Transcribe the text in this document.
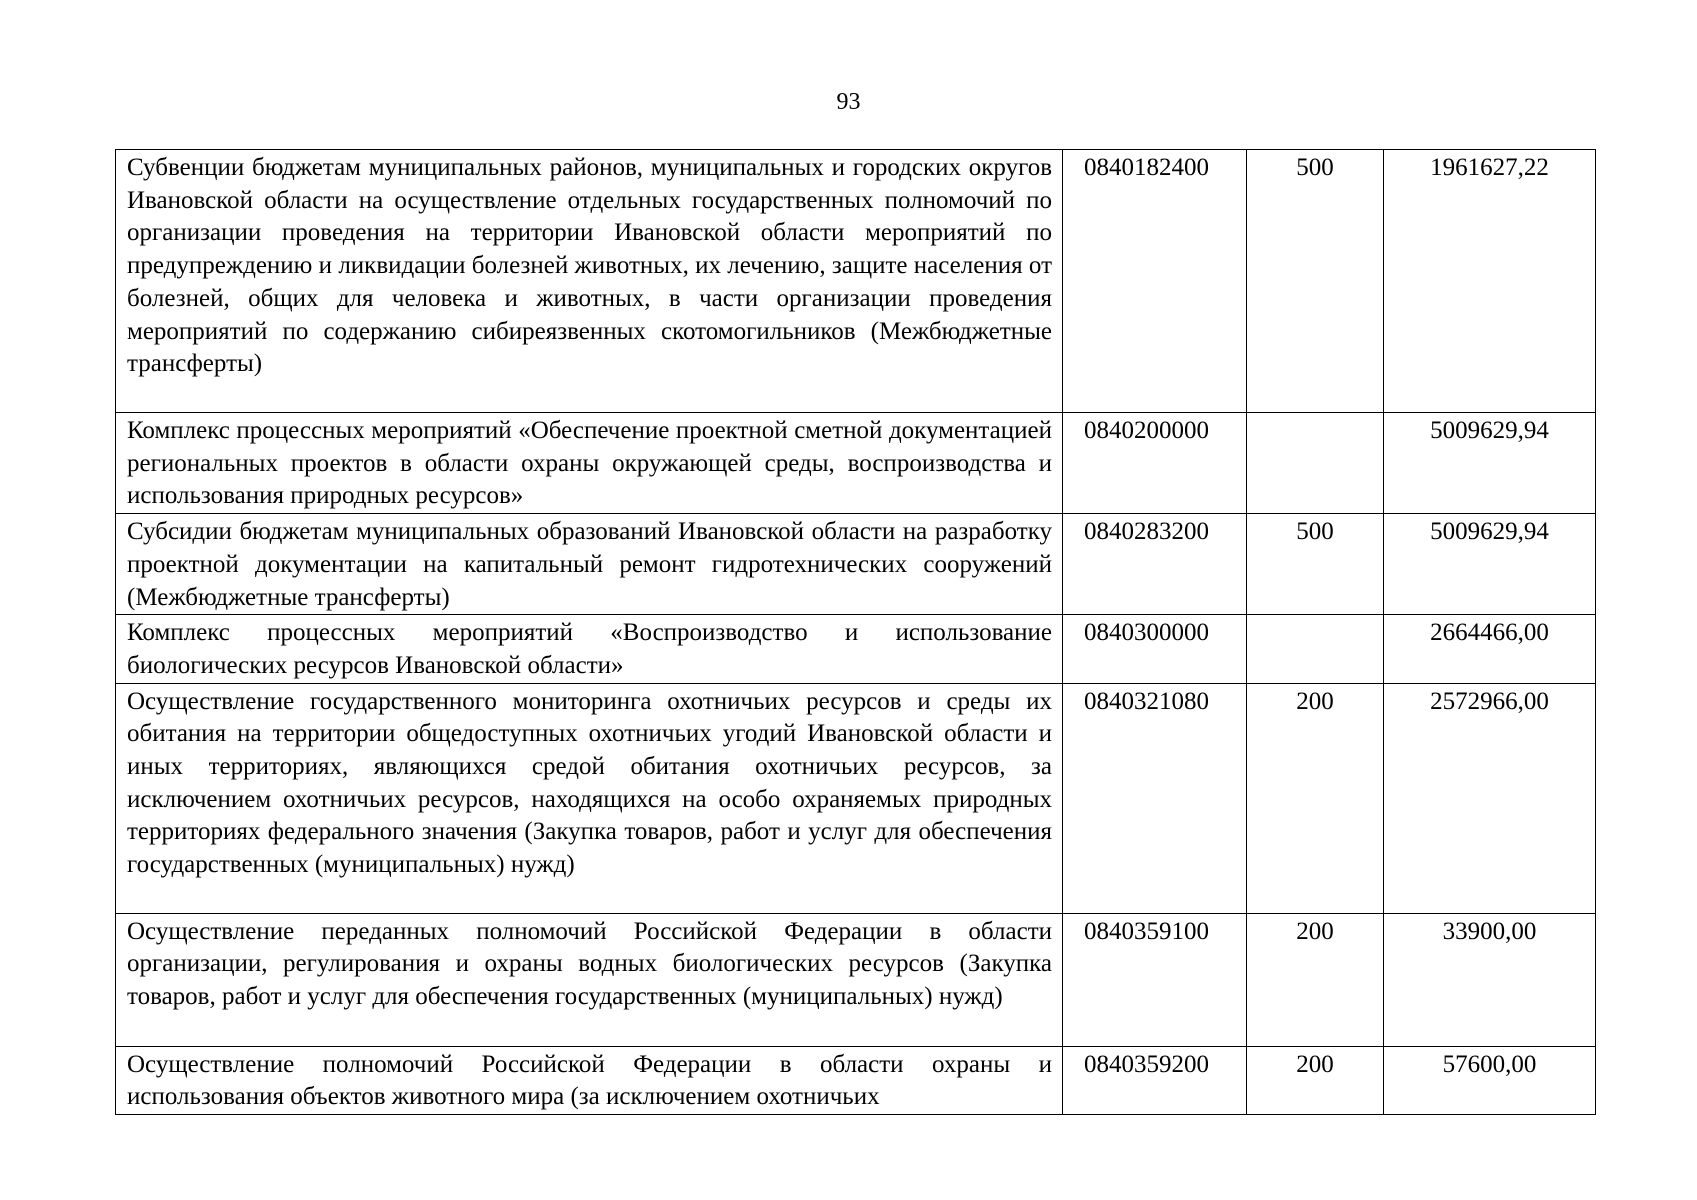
93
Субвенции бюджетам муниципальных районов, муниципальных и городских округов Ивановской области на осуществление отдельных государственных полномочий по организации проведения на территории Ивановской области мероприятий по предупреждению и ликвидации болезней животных, их лечению, защите населения от болезней, общих для человека и животных, в части организации проведения мероприятий по содержанию сибиреязвенных скотомогильников (Межбюджетные трансферты)	0840182400	500	1961627,22
Комплекс процессных мероприятий «Обеспечение проектной сметной документацией региональных проектов в области охраны окружающей среды, воспроизводства и использования природных ресурсов»	0840200000		5009629,94
Субсидии бюджетам муниципальных образований Ивановской области на разработку проектной документации на капитальный ремонт гидротехнических сооружений (Межбюджетные трансферты)	0840283200	500	5009629,94
Комплекс процессных мероприятий «Воспроизводство и использование биологических ресурсов Ивановской области»	0840300000		2664466,00
Осуществление государственного мониторинга охотничьих ресурсов и среды их обитания на территории общедоступных охотничьих угодий Ивановской области и иных территориях, являющихся средой обитания охотничьих ресурсов, за исключением охотничьих ресурсов, находящихся на особо охраняемых природных территориях федерального значения (Закупка товаров, работ и услуг для обеспечения государственных (муниципальных) нужд)	0840321080	200	2572966,00
Осуществление переданных полномочий Российской Федерации в области организации, регулирования и охраны водных биологических ресурсов (Закупка товаров, работ и услуг для обеспечения государственных (муниципальных) нужд)	0840359100	200	33900,00
Осуществление полномочий Российской Федерации в области охраны и использования объектов животного мира (за исключением охотничьих	0840359200	200	57600,00
